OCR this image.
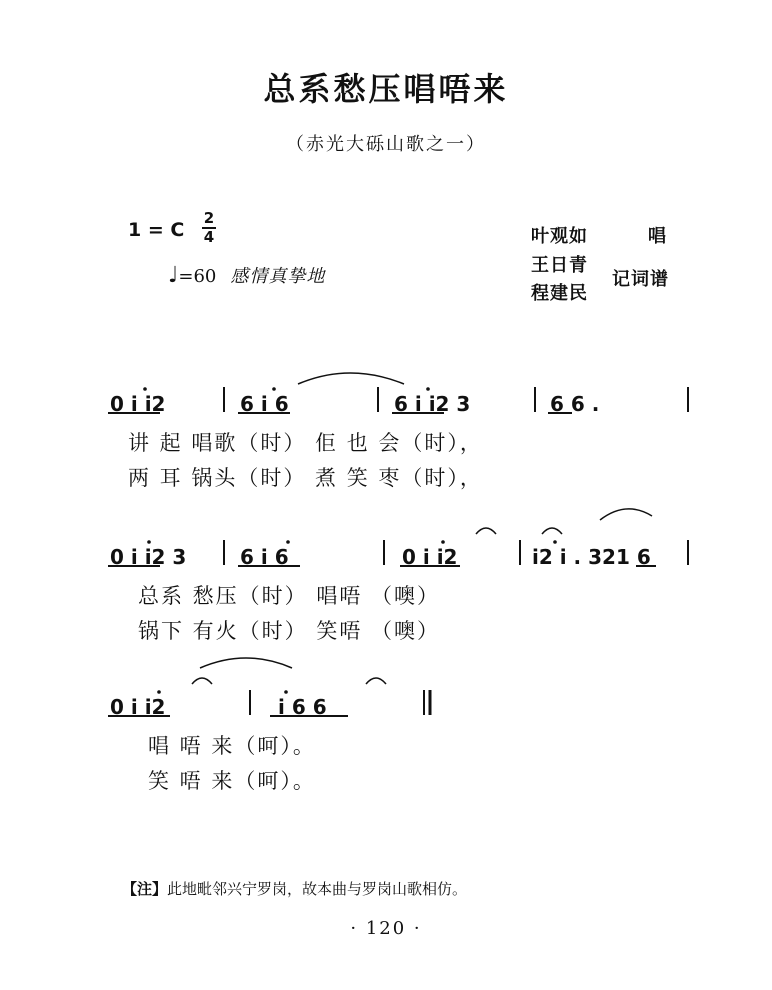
总系愁压唱唔来
（赤光大砾山歌之一）
1 = C
2
4
♩=60 感情真挚地
叶观如	唱
王日青
程建民
记词谱
0 i i2	6 i 6	6 i i2 3	6 6 .
讲 起 唱歌（时） 佢 也 会（时），
两 耳 锅头（时） 煮 笑 枣（时），
0 i i2 3	6 i 6	0 i i2	i2 i . 321 6
总系 愁压（时） 唱唔 （噢）
锅下 有火（时） 笑唔 （噢）
0 i i2	i 6 6
唱 唔 来（呵）。
笑 唔 来（呵）。
【注】此地毗邻兴宁罗岗，故本曲与罗岗山歌相仿。
· 120 ·
